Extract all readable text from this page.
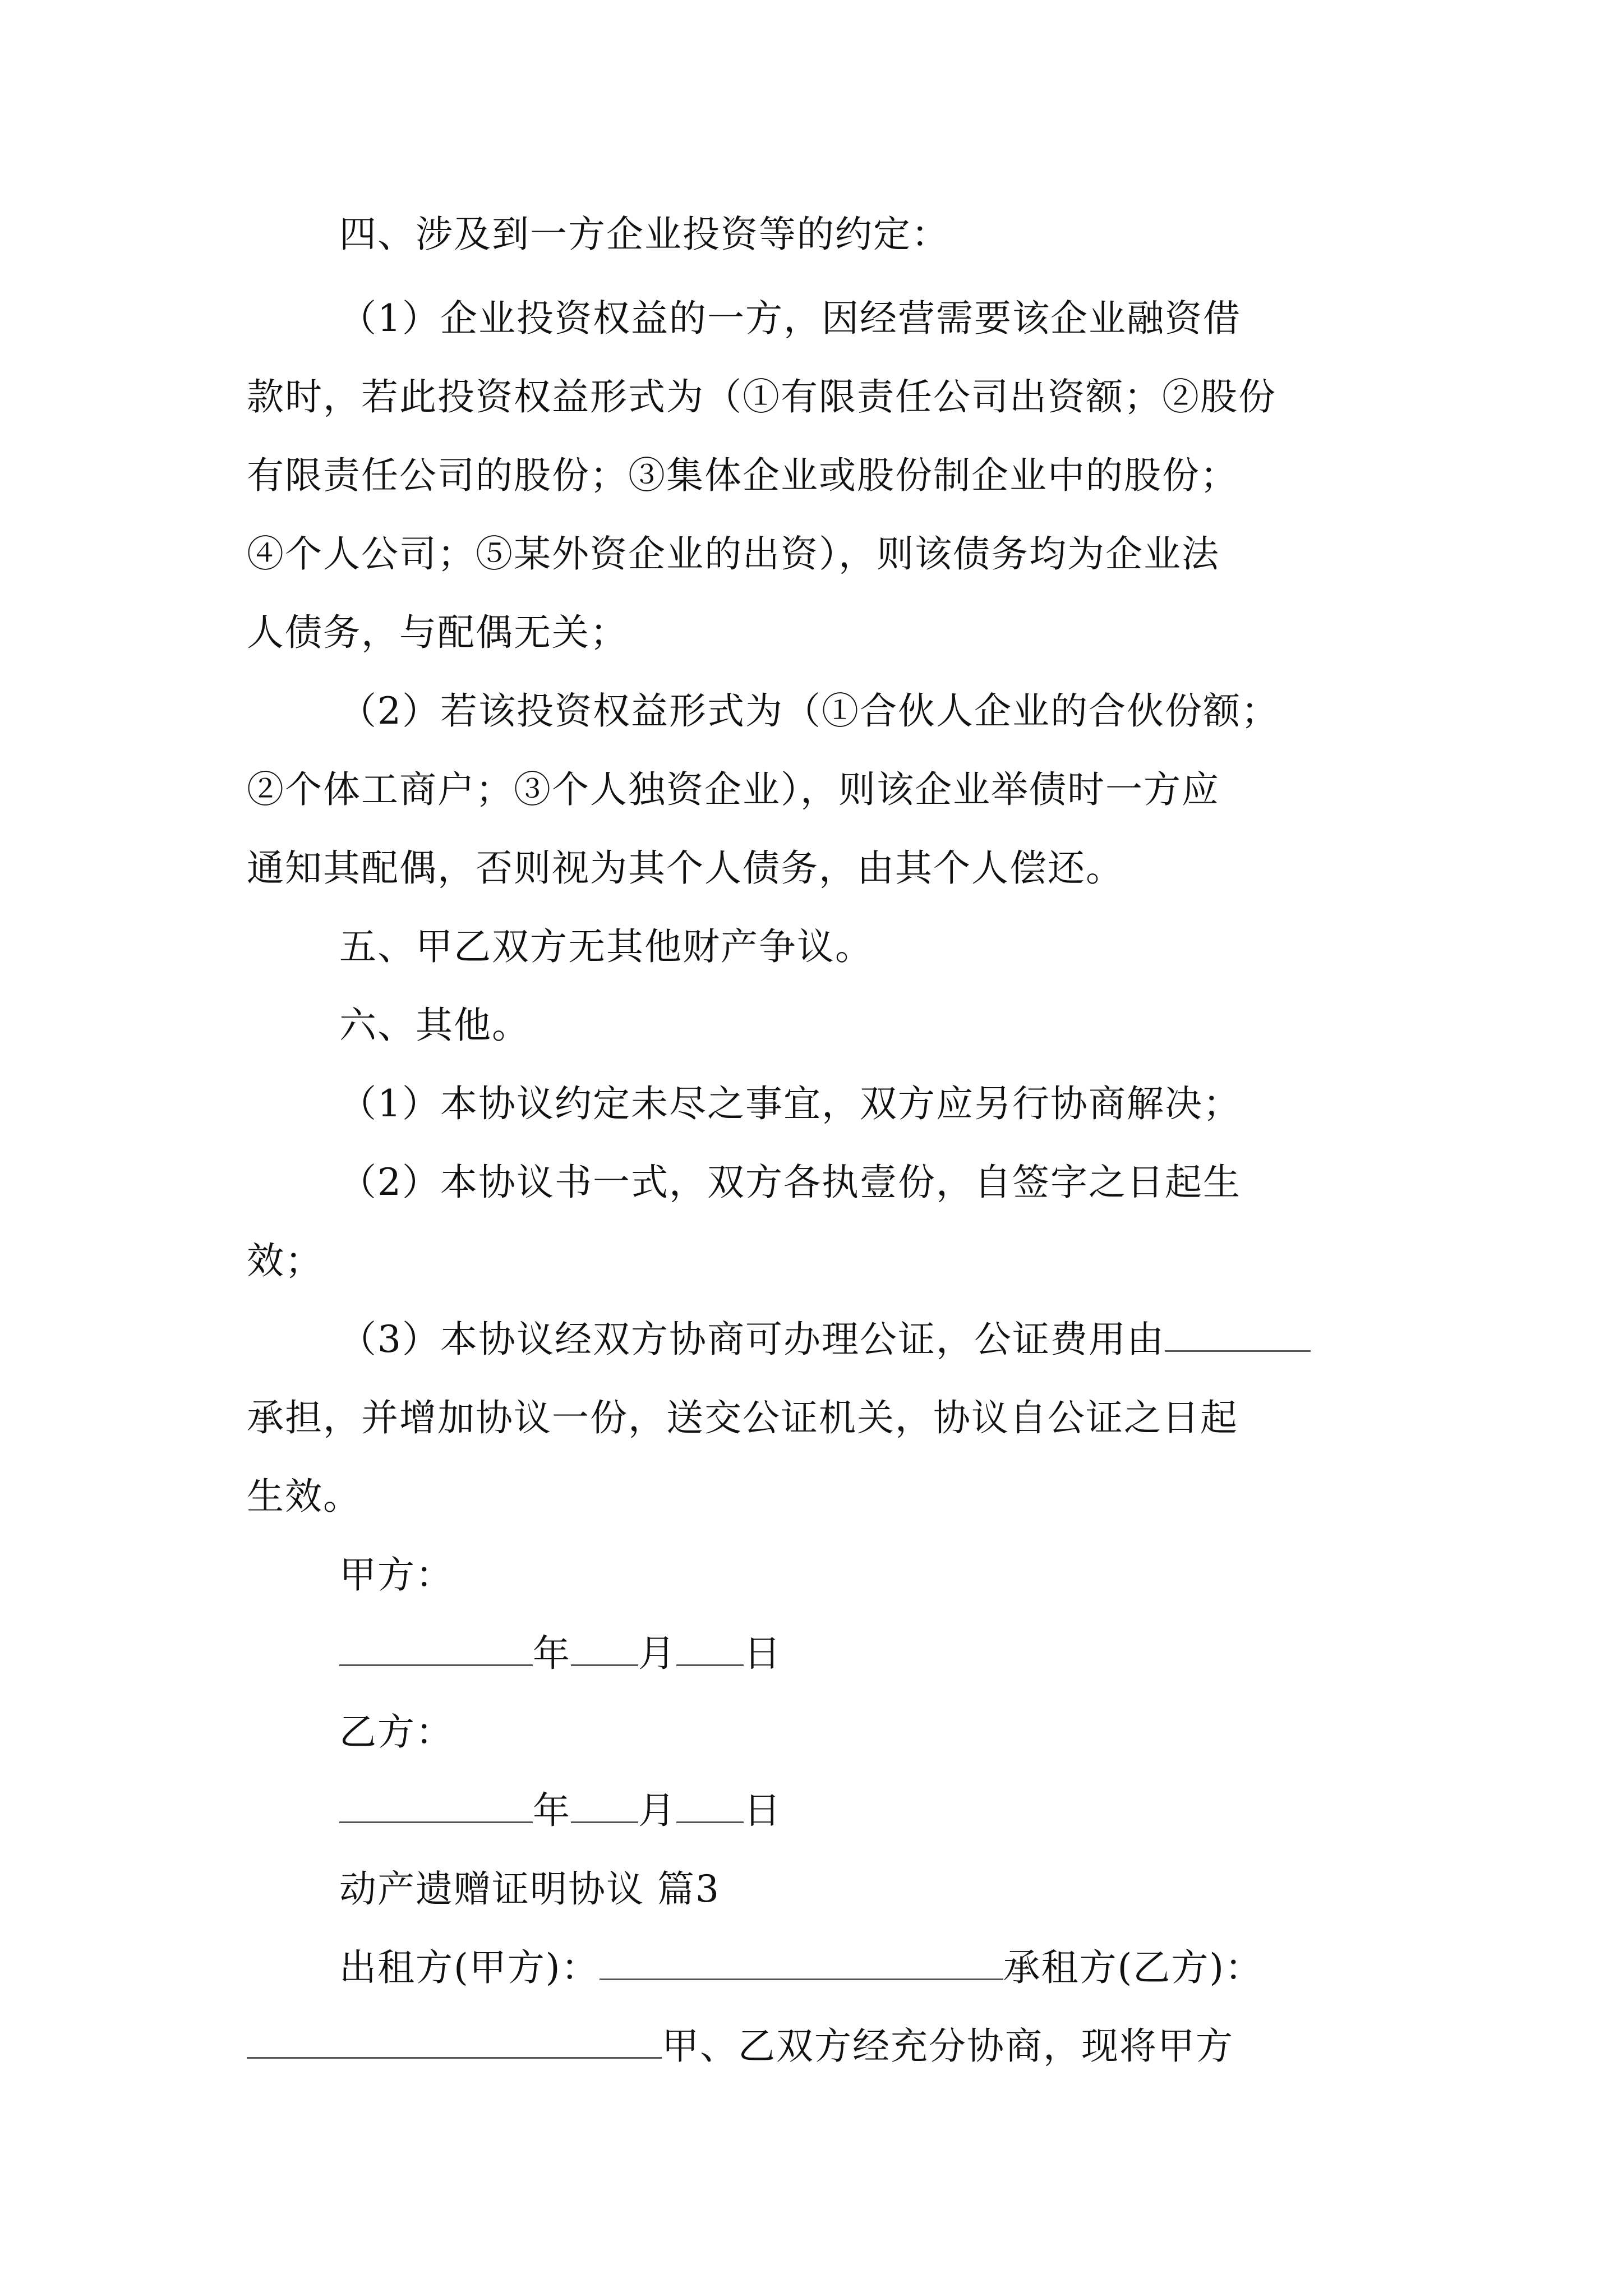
四、涉及到一方企业投资等的约定：
（1）企业投资权益的一方，因经营需要该企业融资借
款时，若此投资权益形式为（①有限责任公司出资额；②股份
有限责任公司的股份；③集体企业或股份制企业中的股份；
④个人公司；⑤某外资企业的出资），则该债务均为企业法
人债务，与配偶无关；
（2）若该投资权益形式为（①合伙人企业的合伙份额；
②个体工商户；③个人独资企业），则该企业举债时一方应
通知其配偶，否则视为其个人债务，由其个人偿还。
五、甲乙双方无其他财产争议。
六、其他。
（1）本协议约定未尽之事宜，双方应另行协商解决；
（2）本协议书一式，双方各执壹份，自签字之日起生
效；
（3）本协议经双方协商可办理公证，公证费用由
承担，并增加协议一份，送交公证机关，协议自公证之日起
生效。
甲方：
年 月 日
乙方：
年 月 日
动产遗赠证明协议 篇3
出租方(甲方)：	承租方(乙方)：
甲、乙双方经充分协商，现将甲方
